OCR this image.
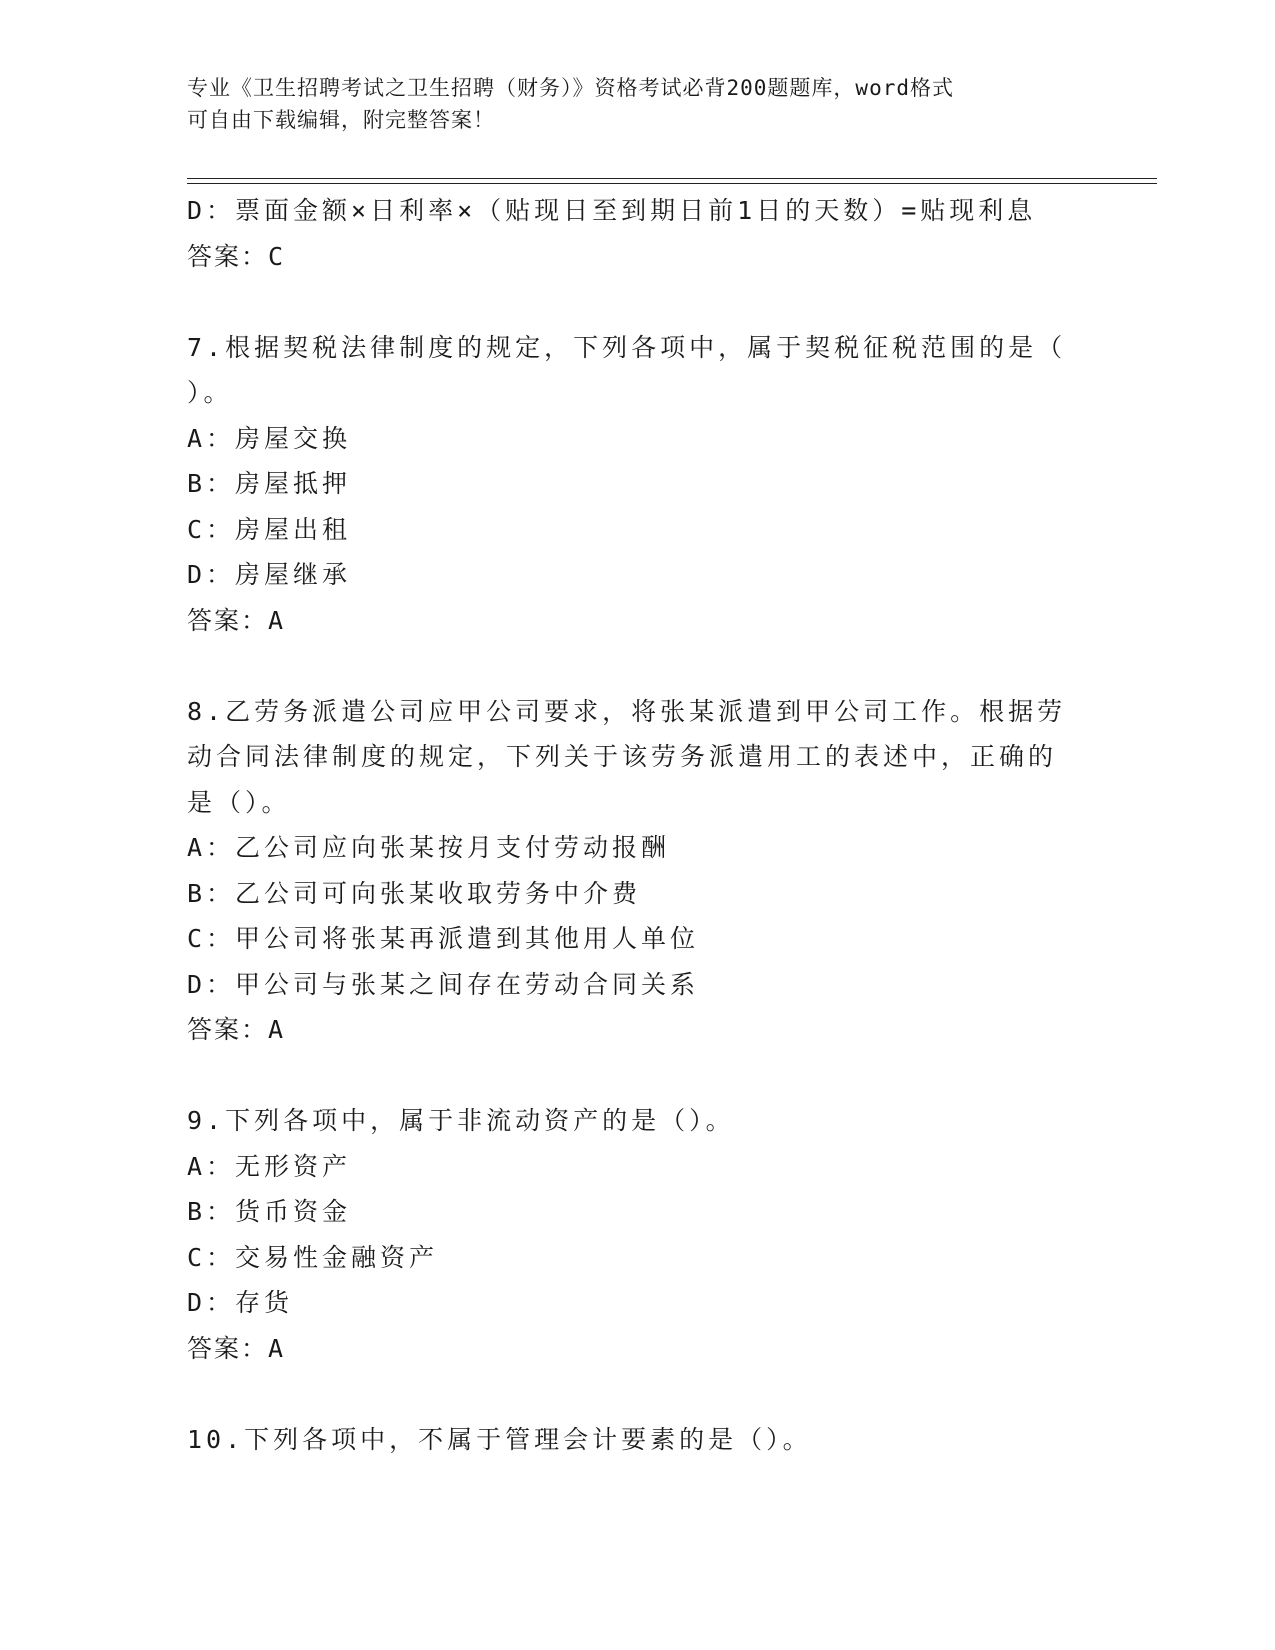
专业《卫生招聘考试之卫生招聘（财务）》资格考试必背200题题库，word格式
可自由下载编辑，附完整答案！
D：票面金额×日利率×（贴现日至到期日前1日的天数）=贴现利息
答案：C
7.根据契税法律制度的规定，下列各项中，属于契税征税范围的是（
）。
A：房屋交换
B：房屋抵押
C：房屋出租
D：房屋继承
答案：A
8.乙劳务派遣公司应甲公司要求，将张某派遣到甲公司工作。根据劳
动合同法律制度的规定，下列关于该劳务派遣用工的表述中，正确的
是（）。
A：乙公司应向张某按月支付劳动报酬
B：乙公司可向张某收取劳务中介费
C：甲公司将张某再派遣到其他用人单位
D：甲公司与张某之间存在劳动合同关系
答案：A
9.下列各项中，属于非流动资产的是（）。
A：无形资产
B：货币资金
C：交易性金融资产
D：存货
答案：A
10.下列各项中，不属于管理会计要素的是（）。
